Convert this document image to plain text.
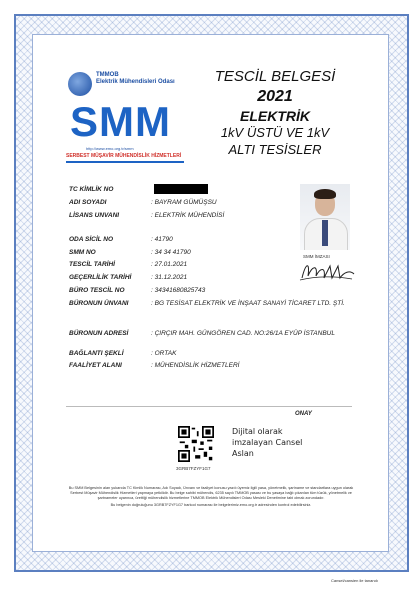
TMMOB
Elektrik Mühendisleri Odası
SMM
http://www.emo.org.tr/smm
SERBEST MÜŞAVİR MÜHENDİSLİK HİZMETLERİ
TESCİL BELGESİ
2021
ELEKTRİK
1kV ÜSTÜ VE 1kV
ALTI TESİSLER
TC KİMLİK NO
ADI SOYADI	: BAYRAM GÜMÜŞSU
LİSANS UNVANI	: ELEKTRİK MÜHENDİSİ
ODA SİCİL NO	: 41790
SMM NO	: 34 34 41790
TESCİL TARİHİ	: 27.01.2021
GEÇERLİLİK TARİHİ	: 31.12.2021
BÜRO TESCİL NO	: 34341680825743
BÜRONUN ÜNVANI	: BG TESİSAT ELEKTRİK VE İNŞAAT SANAYİ TİCARET LTD. ŞTİ.
BÜRONUN ADRESİ	: ÇIRÇIR MAH. GÜNGÖREN CAD. NO:26/1A EYÜP İSTANBUL
BAĞLANTI ŞEKLİ	: ORTAK
FAALİYET ALANI	: MÜHENDİSLİK HİZMETLERİ
SMM İMZASI
ONAY
3GRB7FZYF1G7
Dijital olarak
imzalayan Cansel
Aslan
Bu SMM Belgesinin alan yukarıda TC Kimlik Numarası, Adı Soyadı, Ünvanı ve faaliyet konusu yazılı üyemiz ilgili yasa, yönetmelik, şartname ve standartlara uygun olarak Serbest Müşavir Mühendislik Hizmetleri yapmaya yetkilidir. Bu belge sahibi mühendis, 6235 sayılı TMMOB yasası ve bu yasaya bağlı çıkarılan tüm tüzük, yönetmelik ve şartnameler uyarınca, ürettiği mühendislik hizmetlerine TMMOB Elektrik Mühendisleri Odası Mesleki Denetimine tabi olmak zorundadır.
Bu belgenin doğruluğunu 3GRB7FZYF1G7 barkod numarası ile belgelerimiz.emo.org.tr adresinden kontrol edebilirsiniz.
Cansel/cansien ile tanandı
